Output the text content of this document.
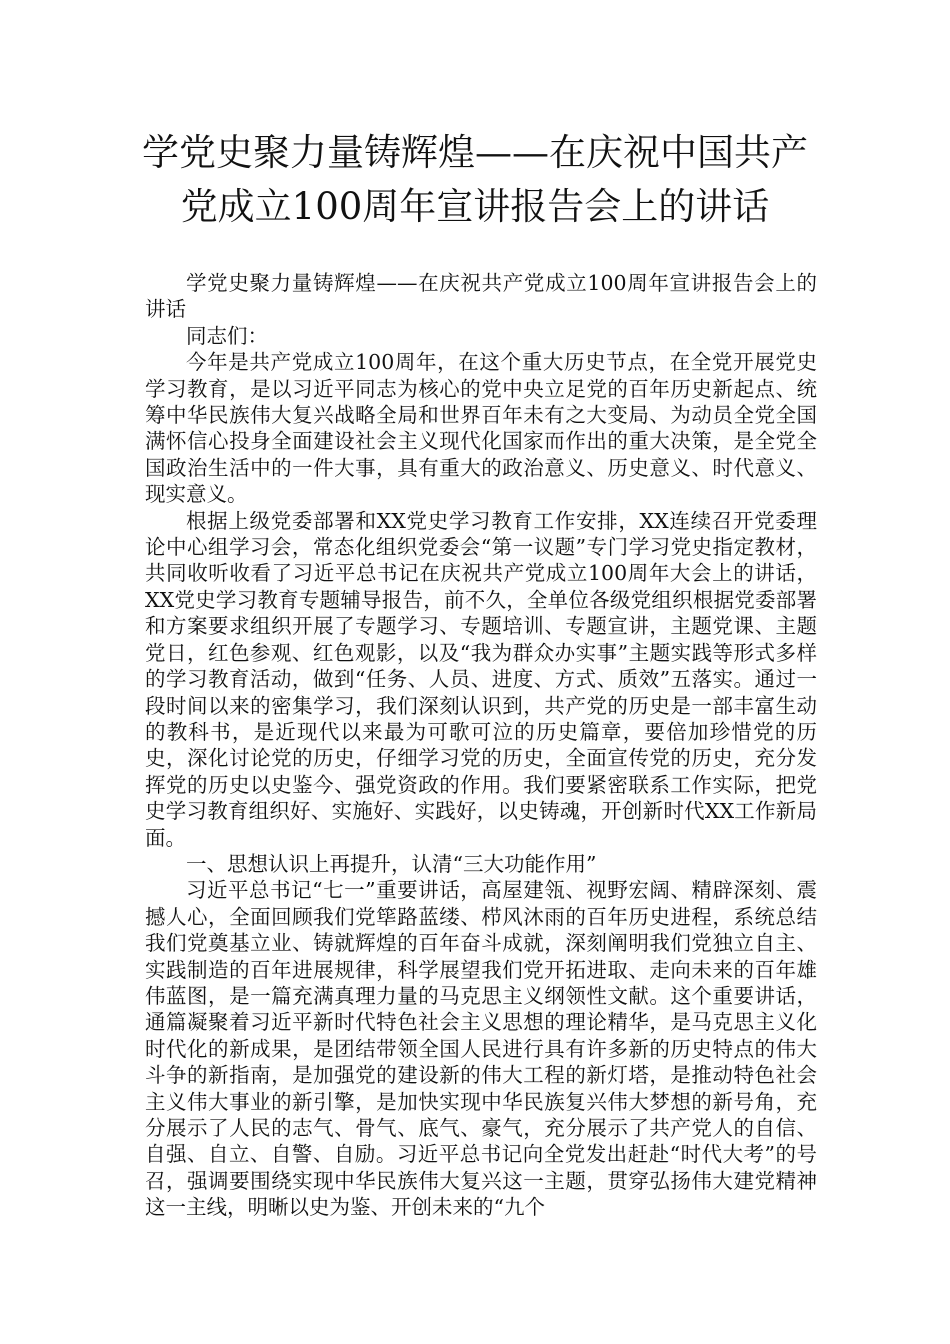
学党史聚力量铸辉煌——在庆祝中国共产
党成立100周年宣讲报告会上的讲话

学党史聚力量铸辉煌——在庆祝共产党成立100周年宣讲报告会上的讲话

同志们：

今年是共产党成立100周年，在这个重大历史节点，在全党开展党史学习教育，是以习近平同志为核心的党中央立足党的百年历史新起点、统筹中华民族伟大复兴战略全局和世界百年未有之大变局、为动员全党全国满怀信心投身全面建设社会主义现代化国家而作出的重大决策，是全党全国政治生活中的一件大事，具有重大的政治意义、历史意义、时代意义、现实意义。

根据上级党委部署和XX党史学习教育工作安排，XX连续召开党委理论中心组学习会，常态化组织党委会“第一议题”专门学习党史指定教材，共同收听收看了习近平总书记在庆祝共产党成立100周年大会上的讲话，XX党史学习教育专题辅导报告，前不久，全单位各级党组织根据党委部署和方案要求组织开展了专题学习、专题培训、专题宣讲，主题党课、主题党日，红色参观、红色观影，以及“我为群众办实事”主题实践等形式多样的学习教育活动，做到“任务、人员、进度、方式、质效”五落实。通过一段时间以来的密集学习，我们深刻认识到，共产党的历史是一部丰富生动的教科书，是近现代以来最为可歌可泣的历史篇章，要倍加珍惜党的历史，深化讨论党的历史，仔细学习党的历史，全面宣传党的历史，充分发挥党的历史以史鉴今、强党资政的作用。我们要紧密联系工作实际，把党史学习教育组织好、实施好、实践好，以史铸魂，开创新时代XX工作新局面。

一、思想认识上再提升，认清“三大功能作用”

习近平总书记“七一”重要讲话，高屋建瓴、视野宏阔、精辟深刻、震撼人心，全面回顾我们党筚路蓝缕、栉风沐雨的百年历史进程，系统总结我们党奠基立业、铸就辉煌的百年奋斗成就，深刻阐明我们党独立自主、实践制造的百年进展规律，科学展望我们党开拓进取、走向未来的百年雄伟蓝图，是一篇充满真理力量的马克思主义纲领性文献。这个重要讲话，通篇凝聚着习近平新时代特色社会主义思想的理论精华，是马克思主义化时代化的新成果，是团结带领全国人民进行具有许多新的历史特点的伟大斗争的新指南，是加强党的建设新的伟大工程的新灯塔，是推动特色社会主义伟大事业的新引擎，是加快实现中华民族复兴伟大梦想的新号角，充分展示了人民的志气、骨气、底气、豪气，充分展示了共产党人的自信、自强、自立、自警、自励。习近平总书记向全党发出赶赴“时代大考”的号召，强调要围绕实现中华民族伟大复兴这一主题，贯穿弘扬伟大建党精神这一主线，明晰以史为鉴、开创未来的“九个
